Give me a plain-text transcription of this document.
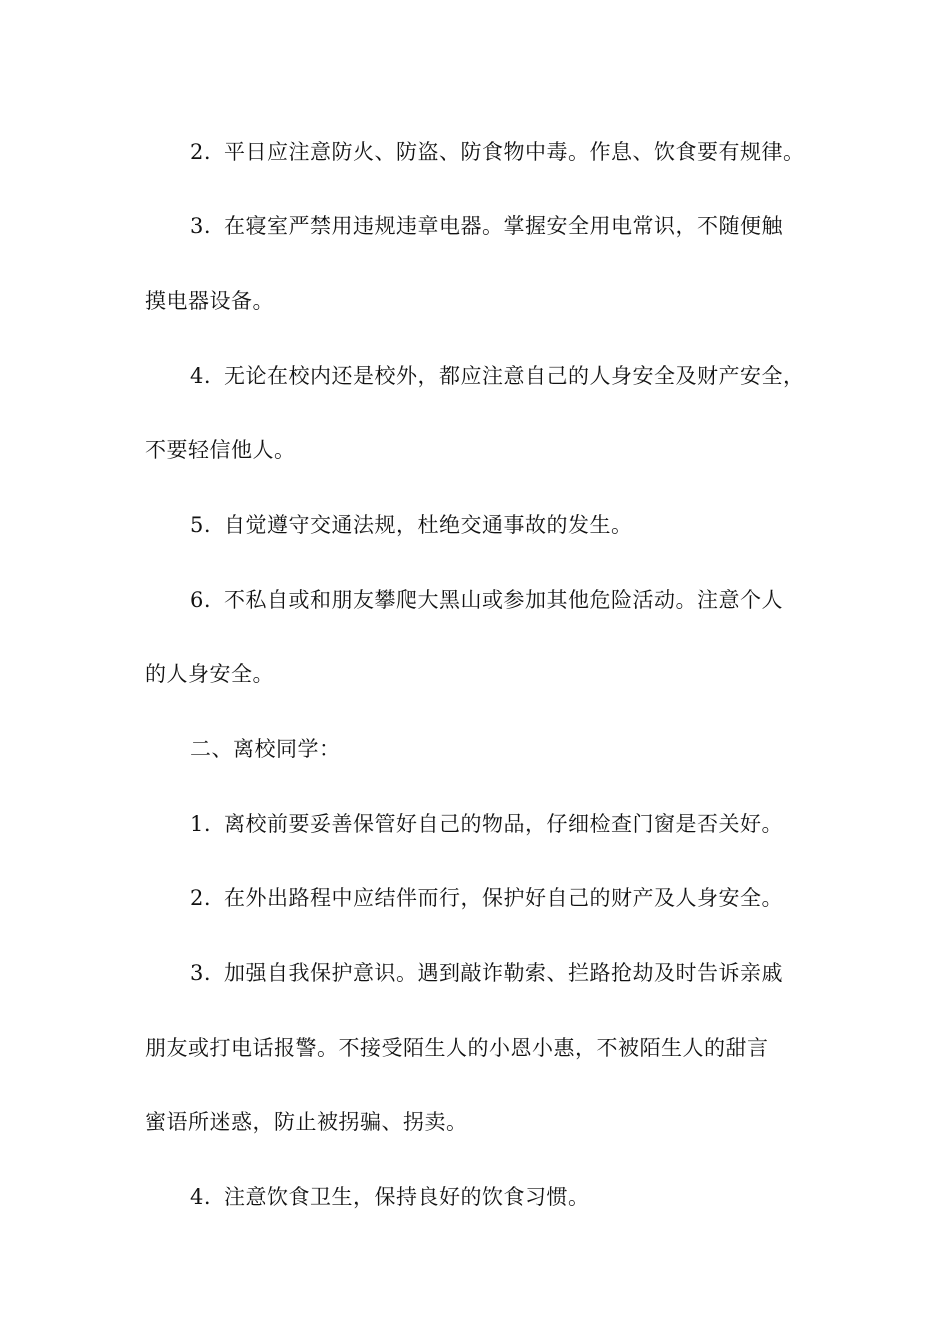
2. 平日应注意防火、防盗、防食物中毒。作息、饮食要有规律。
3. 在寝室严禁用违规违章电器。掌握安全用电常识，不随便触
摸电器设备。
4. 无论在校内还是校外，都应注意自己的人身安全及财产安全，
不要轻信他人。
5. 自觉遵守交通法规，杜绝交通事故的发生。
6. 不私自或和朋友攀爬大黑山或参加其他危险活动。注意个人
的人身安全。
二、离校同学：
1. 离校前要妥善保管好自己的物品，仔细检查门窗是否关好。
2. 在外出路程中应结伴而行，保护好自己的财产及人身安全。
3. 加强自我保护意识。遇到敲诈勒索、拦路抢劫及时告诉亲戚
朋友或打电话报警。不接受陌生人的小恩小惠，不被陌生人的甜言
蜜语所迷惑，防止被拐骗、拐卖。
4. 注意饮食卫生，保持良好的饮食习惯。
